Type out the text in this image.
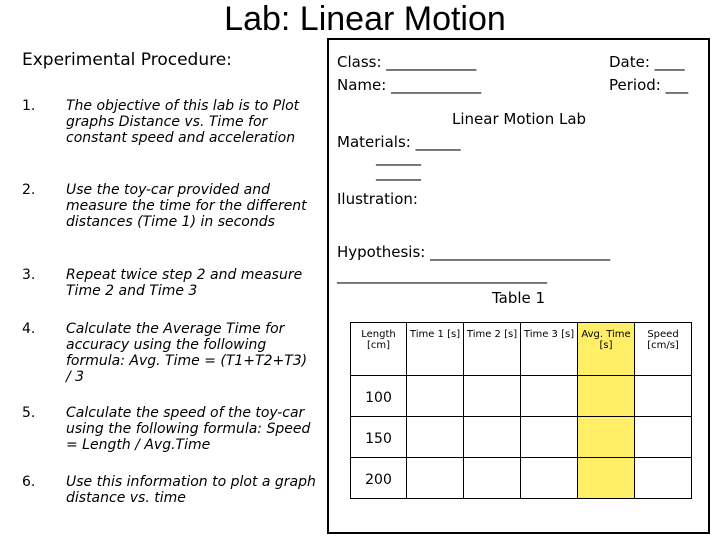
Lab: Linear Motion
Experimental Procedure:
1. The objective of this lab is to Plot graphs Distance vs. Time for constant speed and acceleration
2. Use the toy-car provided and measure the time for the different distances (Time 1) in seconds
3. Repeat twice step 2 and measure Time 2 and Time 3
4. Calculate the Average Time for accuracy using the following formula: Avg. Time = (T1+T2+T3) / 3
5. Calculate the speed of the toy-car using the following formula: Speed = Length / Avg.Time
6. Use this information to plot a graph distance vs. time
Class: ____________	Date: ____
Name: ____________	Period: ___
Linear Motion Lab
Materials: ______
______
______
Ilustration:
Hypothesis: ________________________
____________________________
Table 1
Length [cm]	Time 1 [s]	Time 2 [s]	Time 3 [s]	Avg. Time [s]	Speed [cm/s]
100					
150					
200					
